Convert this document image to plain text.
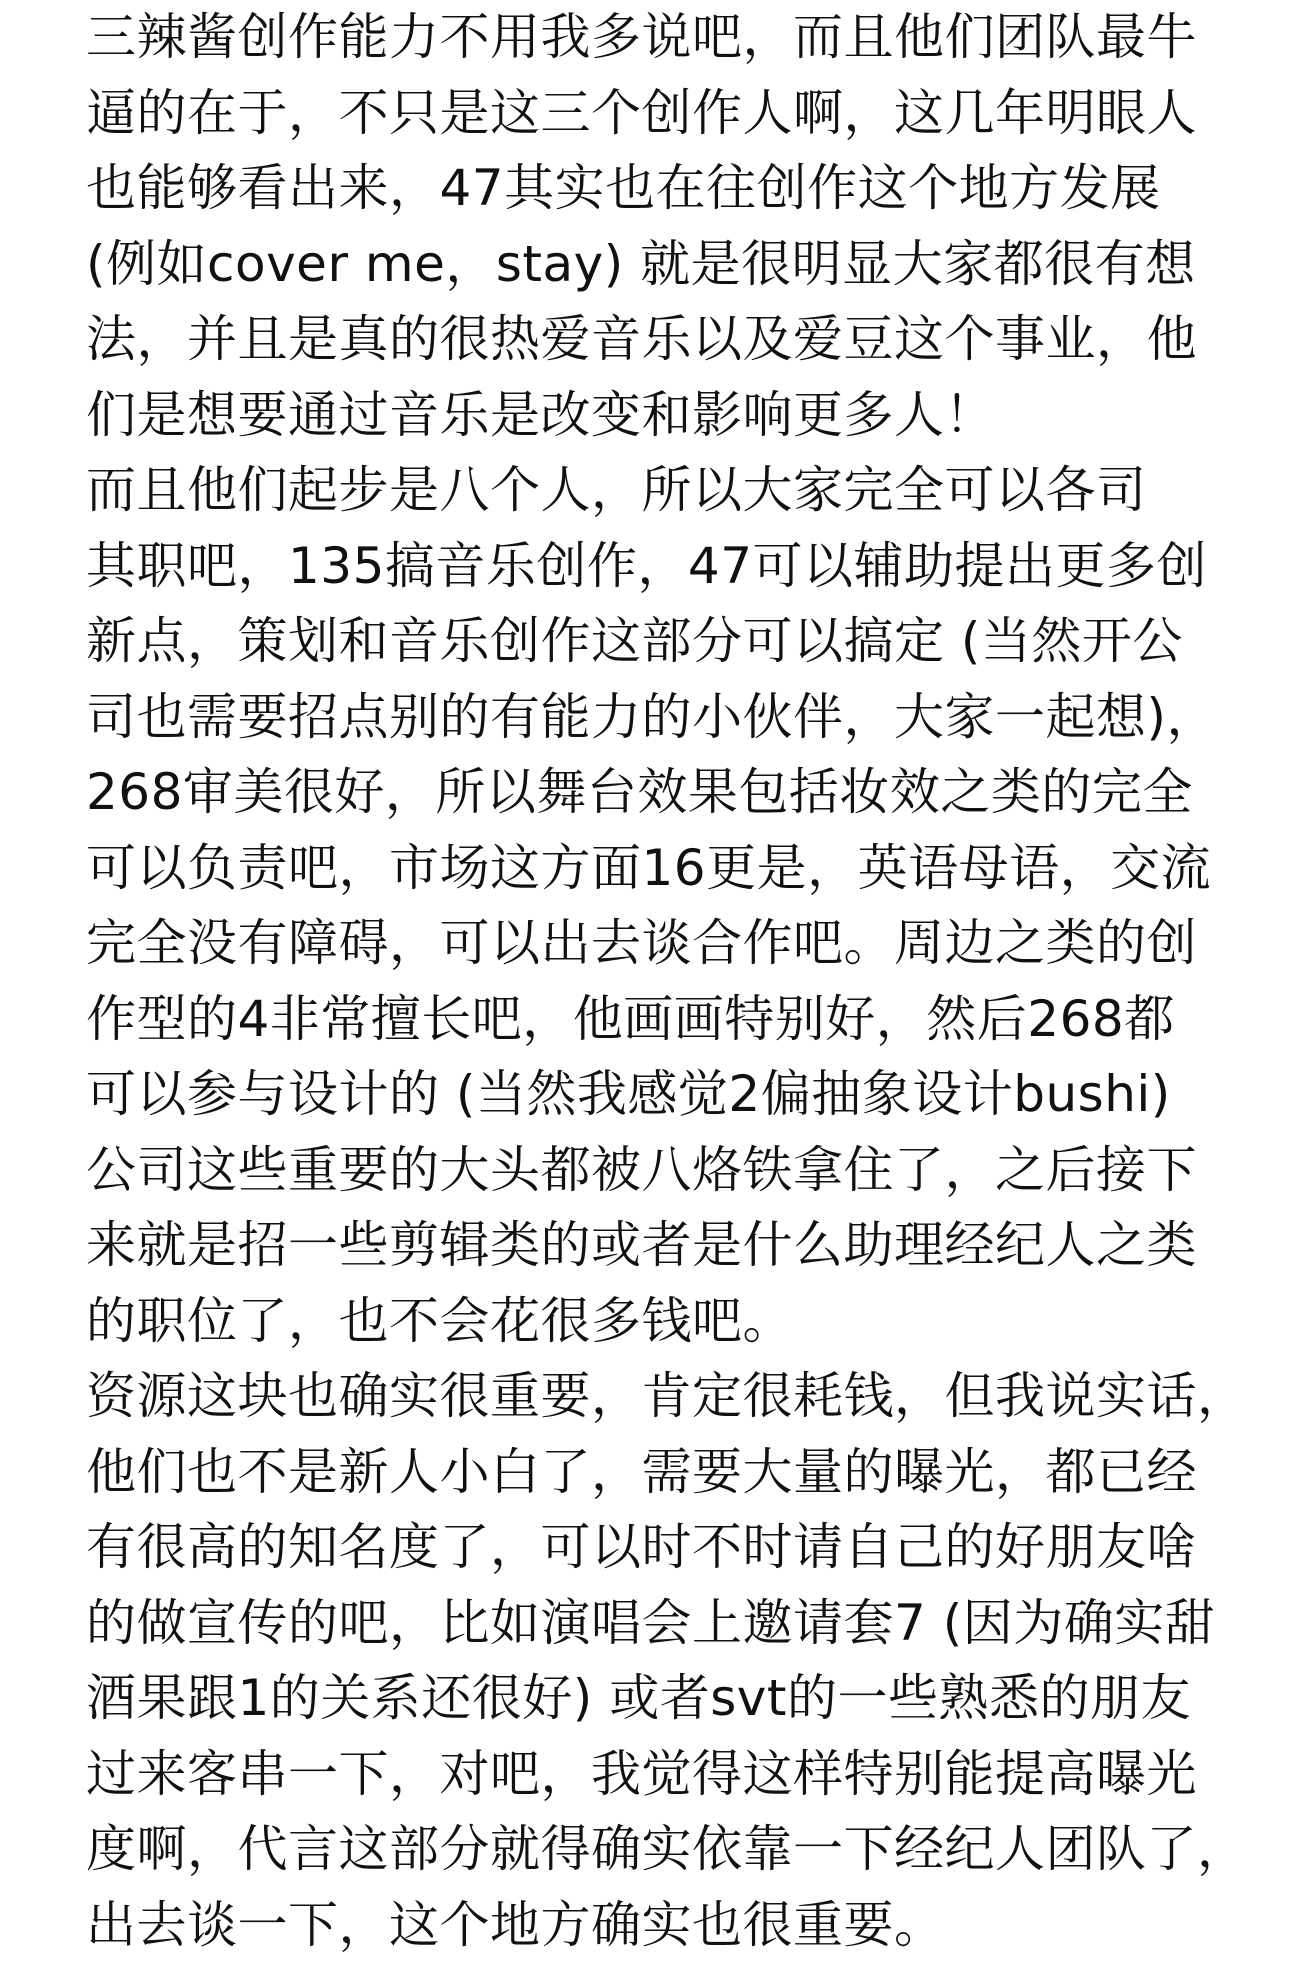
三辣酱创作能力不用我多说吧，而且他们团队最牛
逼的在于，不只是这三个创作人啊，这几年明眼人
也能够看出来，47其实也在往创作这个地方发展
(例如cover me，stay) 就是很明显大家都很有想
法，并且是真的很热爱音乐以及爱豆这个事业，他
们是想要通过音乐是改变和影响更多人！
而且他们起步是八个人，所以大家完全可以各司
其职吧，135搞音乐创作，47可以辅助提出更多创
新点，策划和音乐创作这部分可以搞定 (当然开公
司也需要招点别的有能力的小伙伴，大家一起想)，
268审美很好，所以舞台效果包括妆效之类的完全
可以负责吧，市场这方面16更是，英语母语，交流
完全没有障碍，可以出去谈合作吧。周边之类的创
作型的4非常擅长吧，他画画特别好，然后268都
可以参与设计的 (当然我感觉2偏抽象设计bushi)
公司这些重要的大头都被八烙铁拿住了，之后接下
来就是招一些剪辑类的或者是什么助理经纪人之类
的职位了，也不会花很多钱吧。
资源这块也确实很重要，肯定很耗钱，但我说实话，
他们也不是新人小白了，需要大量的曝光，都已经
有很高的知名度了，可以时不时请自己的好朋友啥
的做宣传的吧，比如演唱会上邀请套7 (因为确实甜
酒果跟1的关系还很好) 或者svt的一些熟悉的朋友
过来客串一下，对吧，我觉得这样特别能提高曝光
度啊，代言这部分就得确实依靠一下经纪人团队了，
出去谈一下，这个地方确实也很重要。
